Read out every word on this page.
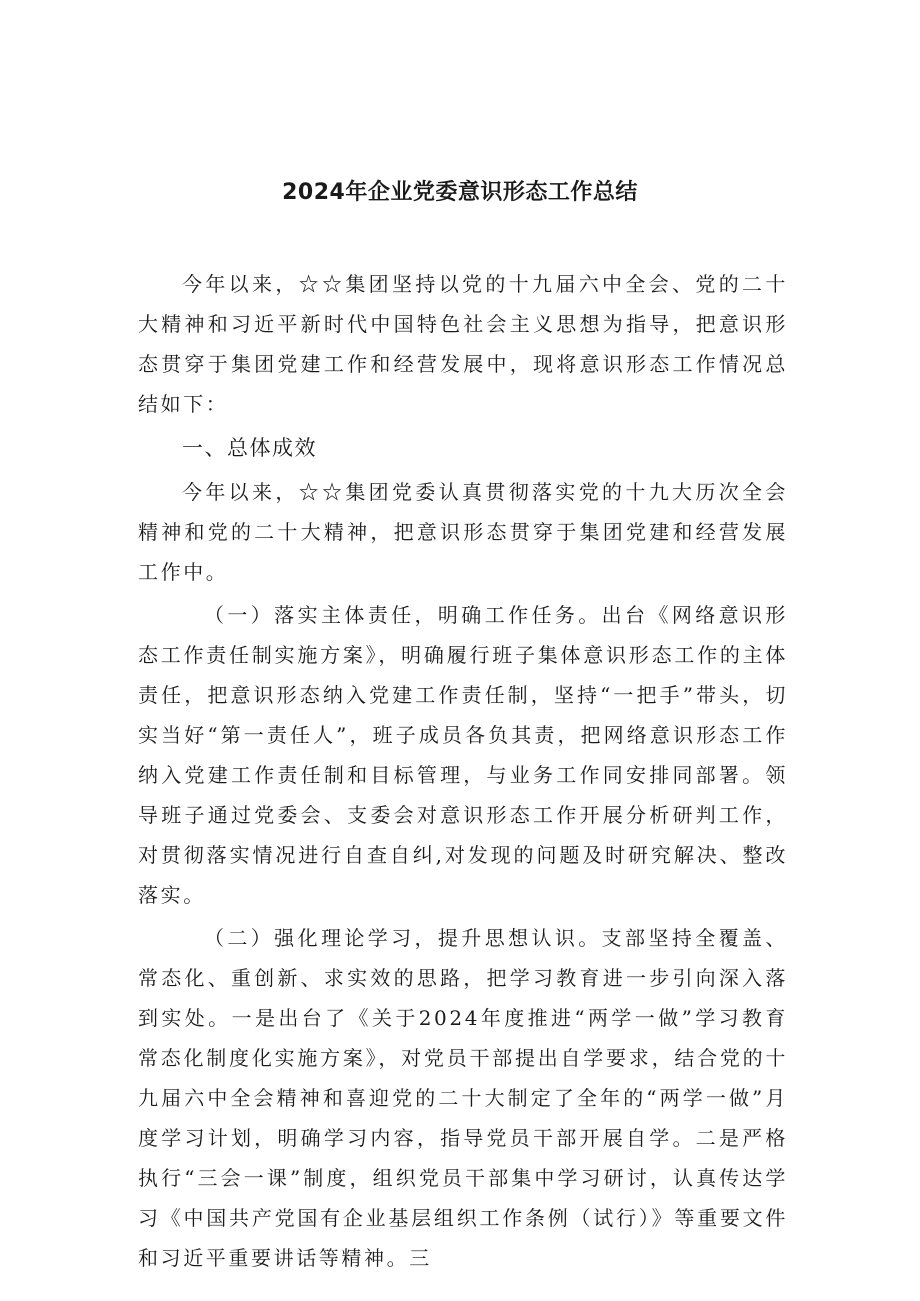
2024年企业党委意识形态工作总结

今年以来，☆☆集团坚持以党的十九届六中全会、党的二十大精神和习近平新时代中国特色社会主义思想为指导，把意识形态贯穿于集团党建工作和经营发展中，现将意识形态工作情况总结如下：

一、总体成效

今年以来，☆☆集团党委认真贯彻落实党的十九大历次全会精神和党的二十大精神，把意识形态贯穿于集团党建和经营发展工作中。

（一）落实主体责任，明确工作任务。出台《网络意识形态工作责任制实施方案》，明确履行班子集体意识形态工作的主体责任，把意识形态纳入党建工作责任制，坚持“一把手”带头，切实当好“第一责任人”，班子成员各负其责，把网络意识形态工作纳入党建工作责任制和目标管理，与业务工作同安排同部署。领导班子通过党委会、支委会对意识形态工作开展分析研判工作，对贯彻落实情况进行自查自纠,对发现的问题及时研究解决、整改落实。

（二）强化理论学习，提升思想认识。支部坚持全覆盖、常态化、重创新、求实效的思路，把学习教育进一步引向深入落到实处。一是出台了《关于2024年度推进“两学一做”学习教育常态化制度化实施方案》，对党员干部提出自学要求，结合党的十九届六中全会精神和喜迎党的二十大制定了全年的“两学一做”月度学习计划，明确学习内容，指导党员干部开展自学。二是严格执行“三会一课”制度，组织党员干部集中学习研讨，认真传达学习《中国共产党国有企业基层组织工作条例（试行）》等重要文件和习近平重要讲话等精神。三
